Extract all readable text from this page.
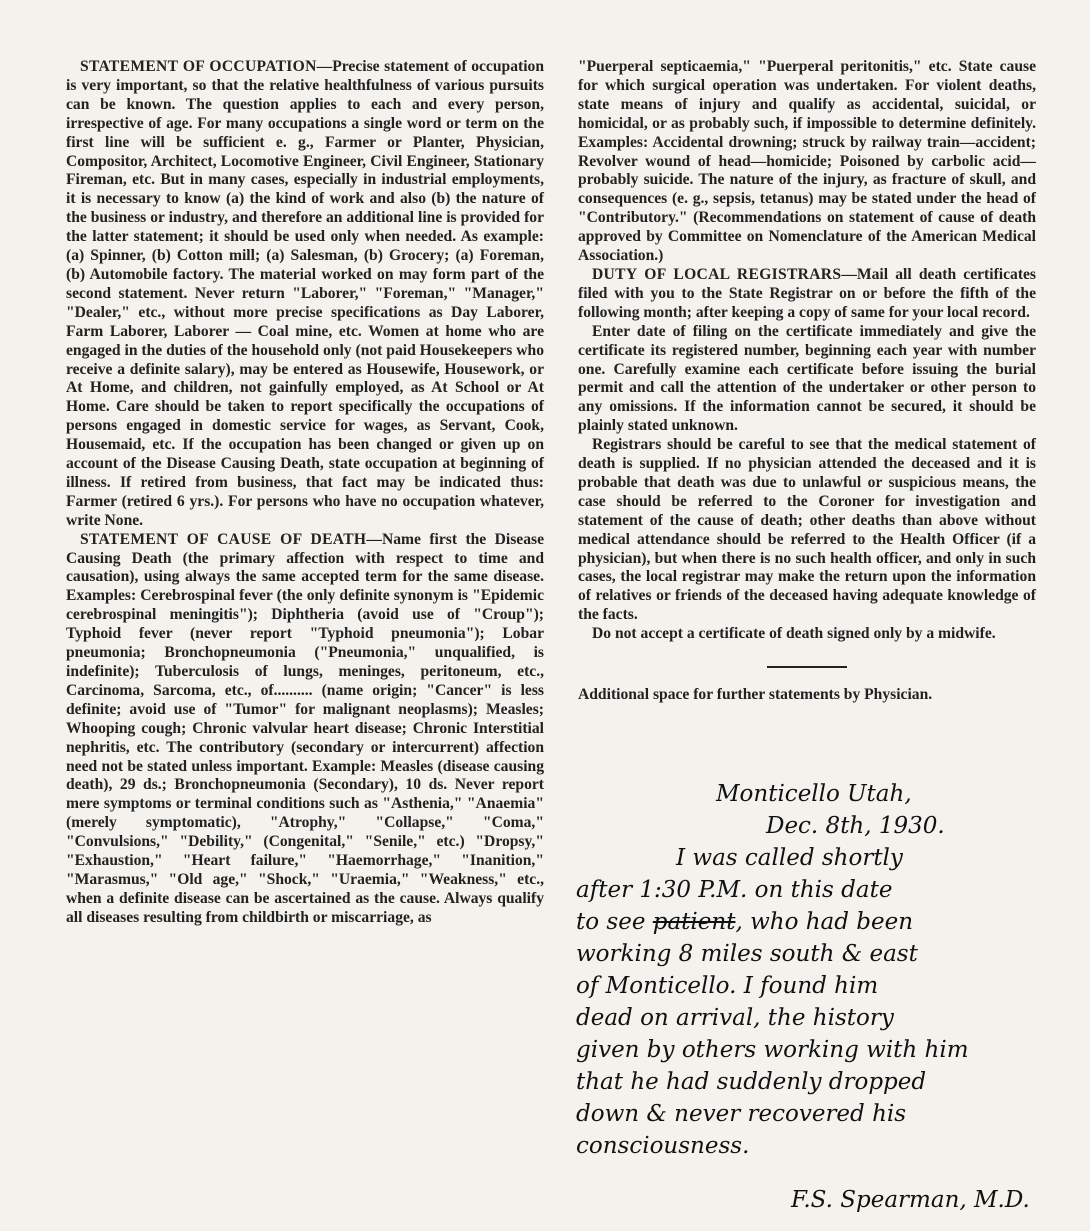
STATEMENT OF OCCUPATION—Precise statement of occupation is very important, so that the relative healthfulness of various pursuits can be known. The question applies to each and every person, irrespective of age. For many occupations a single word or term on the first line will be sufficient e. g., Farmer or Planter, Physician, Compositor, Architect, Locomotive Engineer, Civil Engineer, Stationary Fireman, etc. But in many cases, especially in industrial employments, it is necessary to know (a) the kind of work and also (b) the nature of the business or industry, and therefore an additional line is provided for the latter statement; it should be used only when needed. As example: (a) Spinner, (b) Cotton mill; (a) Salesman, (b) Grocery; (a) Foreman, (b) Automobile factory. The material worked on may form part of the second statement. Never return "Laborer," "Foreman," "Manager," "Dealer," etc., without more precise specifications as Day Laborer, Farm Laborer, Laborer — Coal mine, etc. Women at home who are engaged in the duties of the household only (not paid Housekeepers who receive a definite salary), may be entered as Housewife, Housework, or At Home, and children, not gainfully employed, as At School or At Home. Care should be taken to report specifically the occupations of persons engaged in domestic service for wages, as Servant, Cook, Housemaid, etc. If the occupation has been changed or given up on account of the Disease Causing Death, state occupation at beginning of illness. If retired from business, that fact may be indicated thus: Farmer (retired 6 yrs.). For persons who have no occupation whatever, write None.

STATEMENT OF CAUSE OF DEATH—Name first the Disease Causing Death (the primary affection with respect to time and causation), using always the same accepted term for the same disease. Examples: Cerebrospinal fever (the only definite synonym is "Epidemic cerebrospinal meningitis"); Diphtheria (avoid use of "Croup"); Typhoid fever (never report "Typhoid pneumonia"); Lobar pneumonia; Bronchopneumonia ("Pneumonia," unqualified, is indefinite); Tuberculosis of lungs, meninges, peritoneum, etc., Carcinoma, Sarcoma, etc., of.......... (name origin; "Cancer" is less definite; avoid use of "Tumor" for malignant neoplasms); Measles; Whooping cough; Chronic valvular heart disease; Chronic Interstitial nephritis, etc. The contributory (secondary or intercurrent) affection need not be stated unless important. Example: Measles (disease causing death), 29 ds.; Bronchopneumonia (Secondary), 10 ds. Never report mere symptoms or terminal conditions such as "Asthenia," "Anaemia" (merely symptomatic), "Atrophy," "Collapse," "Coma," "Convulsions," "Debility," (Congenital," "Senile," etc.) "Dropsy," "Exhaustion," "Heart failure," "Haemorrhage," "Inanition," "Marasmus," "Old age," "Shock," "Uraemia," "Weakness," etc., when a definite disease can be ascertained as the cause. Always qualify all diseases resulting from childbirth or miscarriage, as

"Puerperal septicaemia," "Puerperal peritonitis," etc. State cause for which surgical operation was undertaken. For violent deaths, state means of injury and qualify as accidental, suicidal, or homicidal, or as probably such, if impossible to determine definitely. Examples: Accidental drowning; struck by railway train—accident; Revolver wound of head—homicide; Poisoned by carbolic acid—probably suicide. The nature of the injury, as fracture of skull, and consequences (e. g., sepsis, tetanus) may be stated under the head of "Contributory." (Recommendations on statement of cause of death approved by Committee on Nomenclature of the American Medical Association.)

DUTY OF LOCAL REGISTRARS—Mail all death certificates filed with you to the State Registrar on or before the fifth of the following month; after keeping a copy of same for your local record.

Enter date of filing on the certificate immediately and give the certificate its registered number, beginning each year with number one. Carefully examine each certificate before issuing the burial permit and call the attention of the undertaker or other person to any omissions. If the information cannot be secured, it should be plainly stated unknown.

Registrars should be careful to see that the medical statement of death is supplied. If no physician attended the deceased and it is probable that death was due to unlawful or suspicious means, the case should be referred to the Coroner for investigation and statement of the cause of death; other deaths than above without medical attendance should be referred to the Health Officer (if a physician), but when there is no such health officer, and only in such cases, the local registrar may make the return upon the information of relatives or friends of the deceased having adequate knowledge of the facts.

Do not accept a certificate of death signed only by a midwife.

Additional space for further statements by Physician.

Monticello Utah,
Dec. 8th, 1930.
I was called shortly
after 1:30 P.M. on this date
to see patient, who had been
working 8 miles south & east
of Monticello. I found him
dead on arrival, the history
given by others working with him
that he had suddenly dropped
down & never recovered his
consciousness.
F.S. Spearman, M.D.
